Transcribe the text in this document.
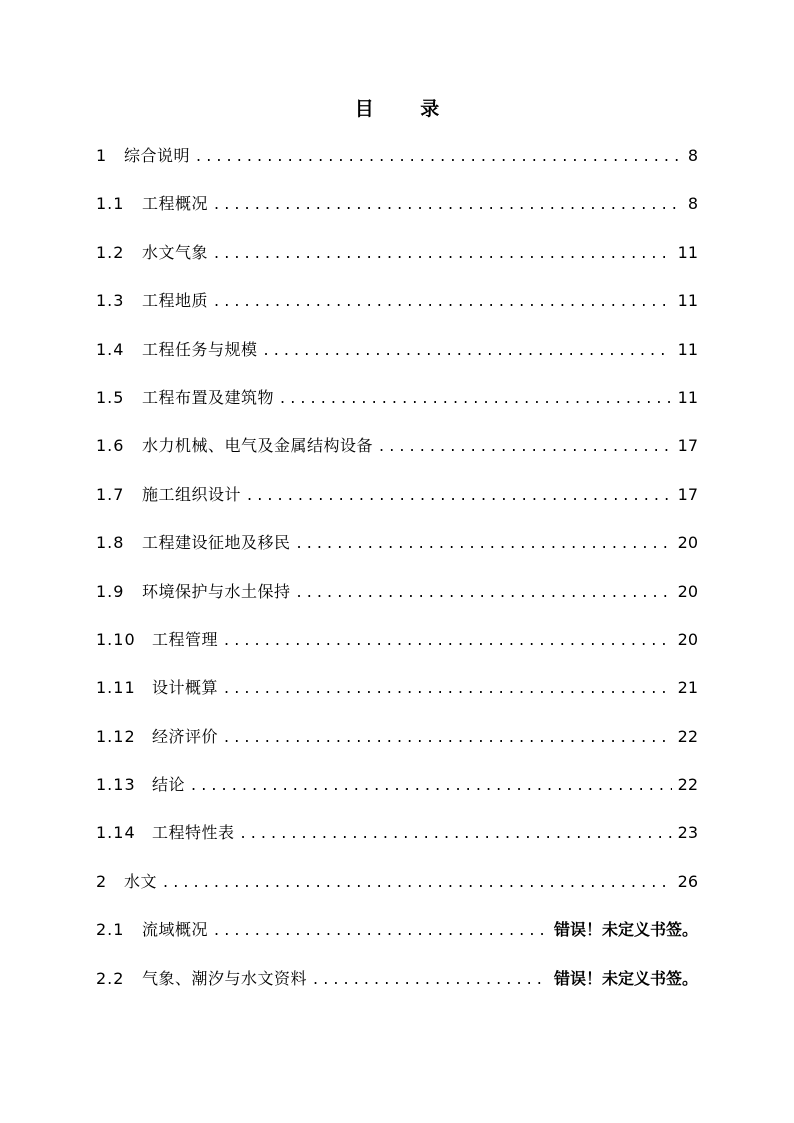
目 录
1	综合说明 . . .	8
1.1	工程概况 . . .	8
1.2	水文气象 . . .	11
1.3	工程地质 . . .	11
1.4	工程任务与规模 . . .	11
1.5	工程布置及建筑物 . . .	11
1.6	水力机械、电气及金属结构设备 . . .	17
1.7	施工组织设计 . . .	17
1.8	工程建设征地及移民 . . .	20
1.9	环境保护与水土保持 . . .	20
1.10	工程管理 . . .	20
1.11	设计概算 . . .	21
1.12	经济评价 . . .	22
1.13	结论 . . .	22
1.14	工程特性表 . . .	23
2	水文 . . .	26
2.1	流域概况 . . .	错误！未定义书签。
2.2	气象、潮汐与水文资料 . . .	错误！未定义书签。
